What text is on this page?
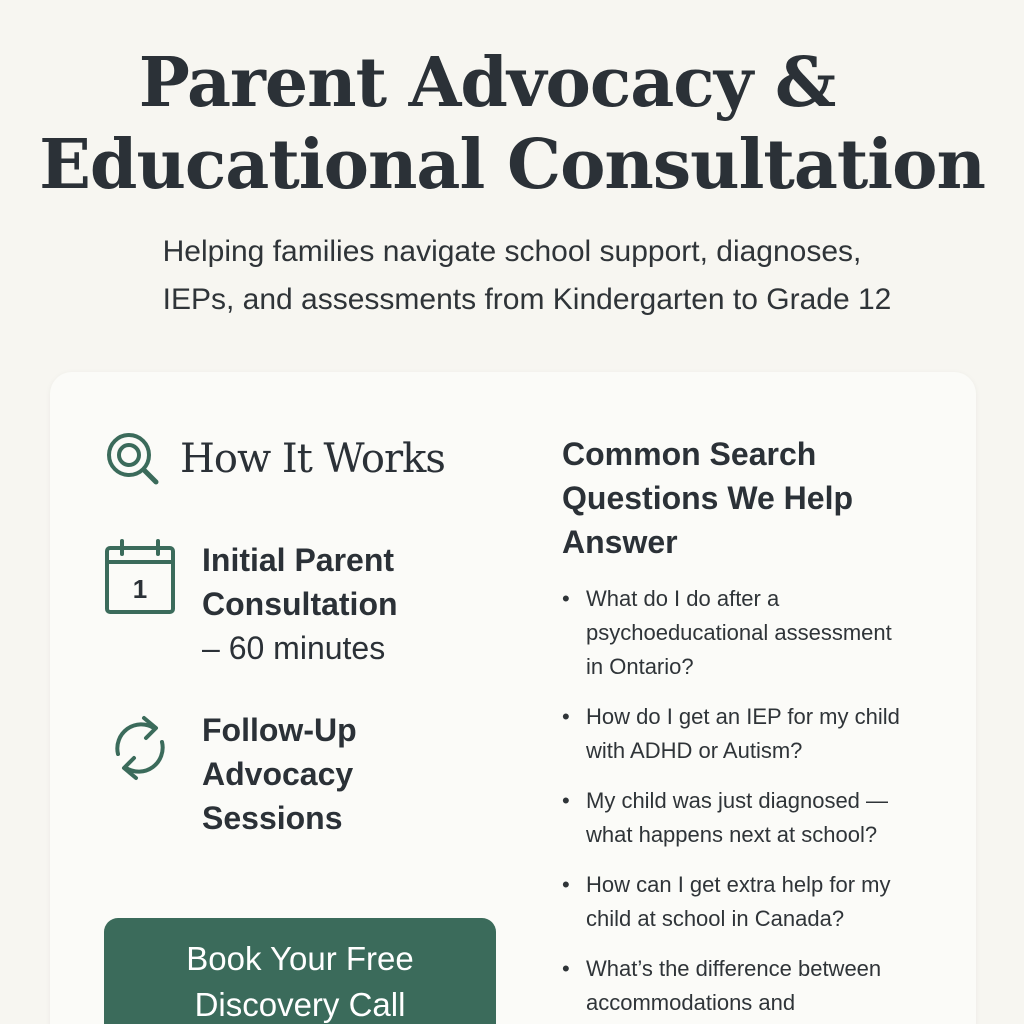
Parent Advocacy &
Educational Consultation

Helping families navigate school support, diagnoses,
IEPs, and assessments from Kindergarten to Grade 12

How It Works
1
Initial Parent
Consultation
– 60 minutes
Follow-Up
Advocacy
Sessions
Book Your Free
Discovery Call
Common Search
Questions We Help
Answer
• What do I do after a
psychoeducational assessment
in Ontario?
• How do I get an IEP for my child
with ADHD or Autism?
• My child was just diagnosed —
what happens next at school?
• How can I get extra help for my
child at school in Canada?
• What’s the difference between
accommodations and
